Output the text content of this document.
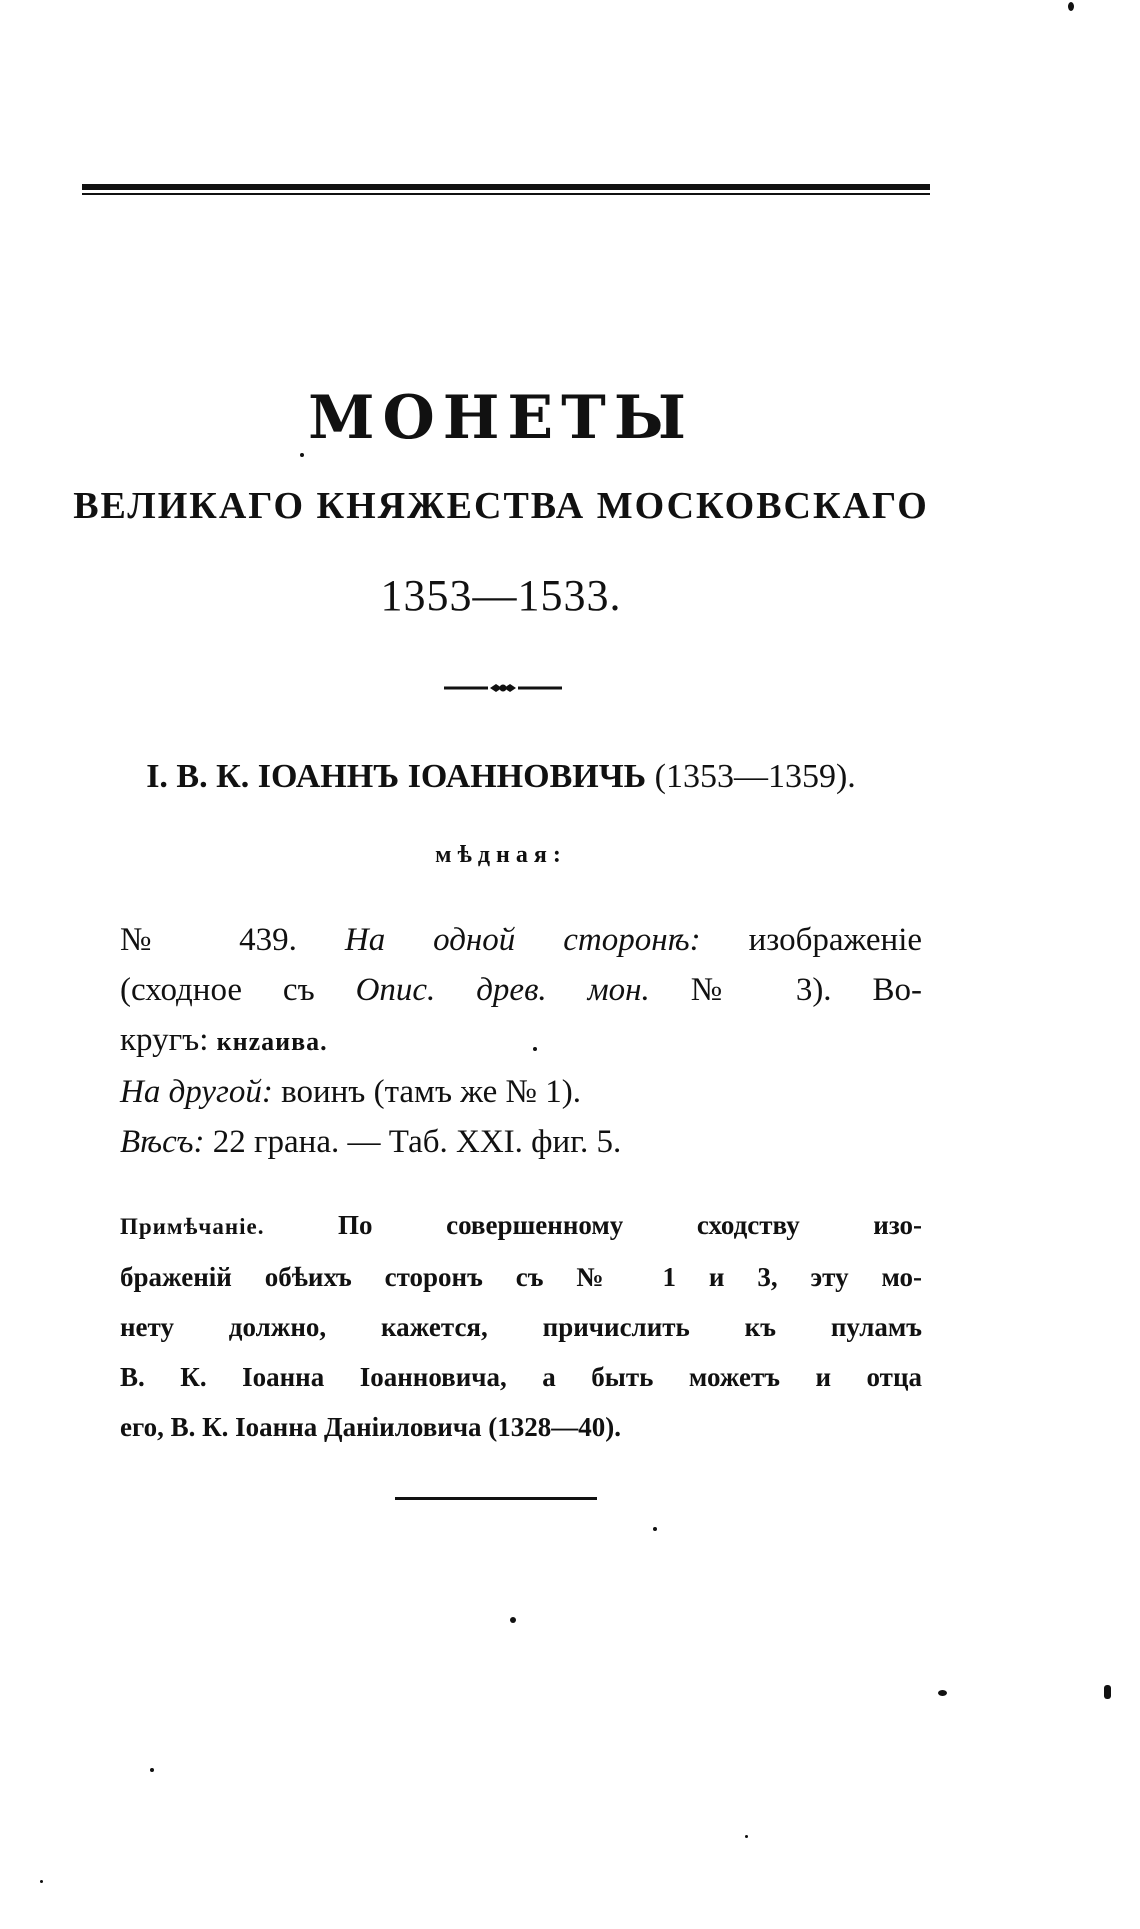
МОНЕТЫ
ВЕЛИКАГО КНЯЖЕСТВА МОСКОВСКАГО
1353—1533.
I. В. К. ІОАННЪ ІОАННОВИЧЬ (1353—1359).
мѣдная:

№ 439. На одной сторонѣ: изображеніе

(сходное съ Опис. древ. мон. № 3). Во-

кругъ: кнzаива.

На другой: воинъ (тамъ же № 1).

Вѣсъ: 22 грана. — Таб. XXI. фиг. 5.

Примѣчаніе.	По совершенному сходству изо-

браженій обѣихъ сторонъ съ № 1 и 3, эту мо-

нету должно, кажется, причислить къ пуламъ

В. К. Іоанна Іоанновича, а быть можетъ и отца

его, В. К. Іоанна Даніиловича (1328—40).
